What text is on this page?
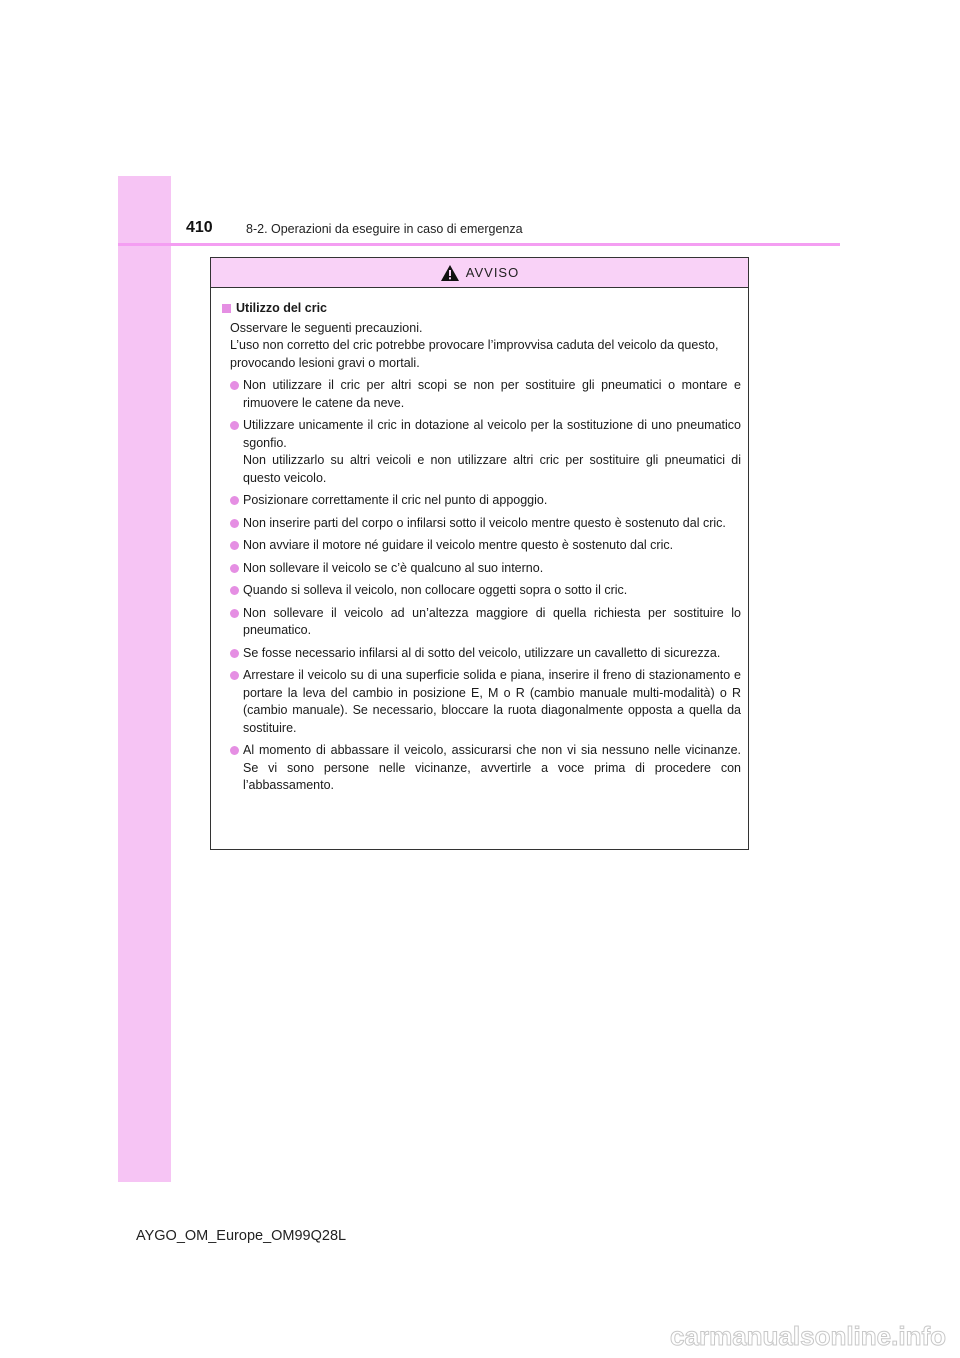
410	8-2. Operazioni da eseguire in caso di emergenza
AVVISO
Utilizzo del cric

Osservare le seguenti precauzioni.
L’uso non corretto del cric potrebbe provocare l’improvvisa caduta del veicolo da questo, provocando lesioni gravi o mortali.

Non utilizzare il cric per altri scopi se non per sostituire gli pneumatici o montare e rimuovere le catene da neve.
Utilizzare unicamente il cric in dotazione al veicolo per la sostituzione di uno pneumatico sgonfio.
Non utilizzarlo su altri veicoli e non utilizzare altri cric per sostituire gli pneumatici di questo veicolo.
Posizionare correttamente il cric nel punto di appoggio.
Non inserire parti del corpo o infilarsi sotto il veicolo mentre questo è sostenuto dal cric.
Non avviare il motore né guidare il veicolo mentre questo è sostenuto dal cric.
Non sollevare il veicolo se c’è qualcuno al suo interno.
Quando si solleva il veicolo, non collocare oggetti sopra o sotto il cric.
Non sollevare il veicolo ad un’altezza maggiore di quella richiesta per sostituire lo pneumatico.
Se fosse necessario infilarsi al di sotto del veicolo, utilizzare un cavalletto di sicurezza.
Arrestare il veicolo su di una superficie solida e piana, inserire il freno di stazionamento e portare la leva del cambio in posizione E, M o R (cambio manuale multi-modalità) o R (cambio manuale). Se necessario, bloccare la ruota diagonalmente opposta a quella da sostituire.
Al momento di abbassare il veicolo, assicurarsi che non vi sia nessuno nelle vicinanze. Se vi sono persone nelle vicinanze, avvertirle a voce prima di procedere con l’abbassamento.
AYGO_OM_Europe_OM99Q28L
carmanualsonline.info
